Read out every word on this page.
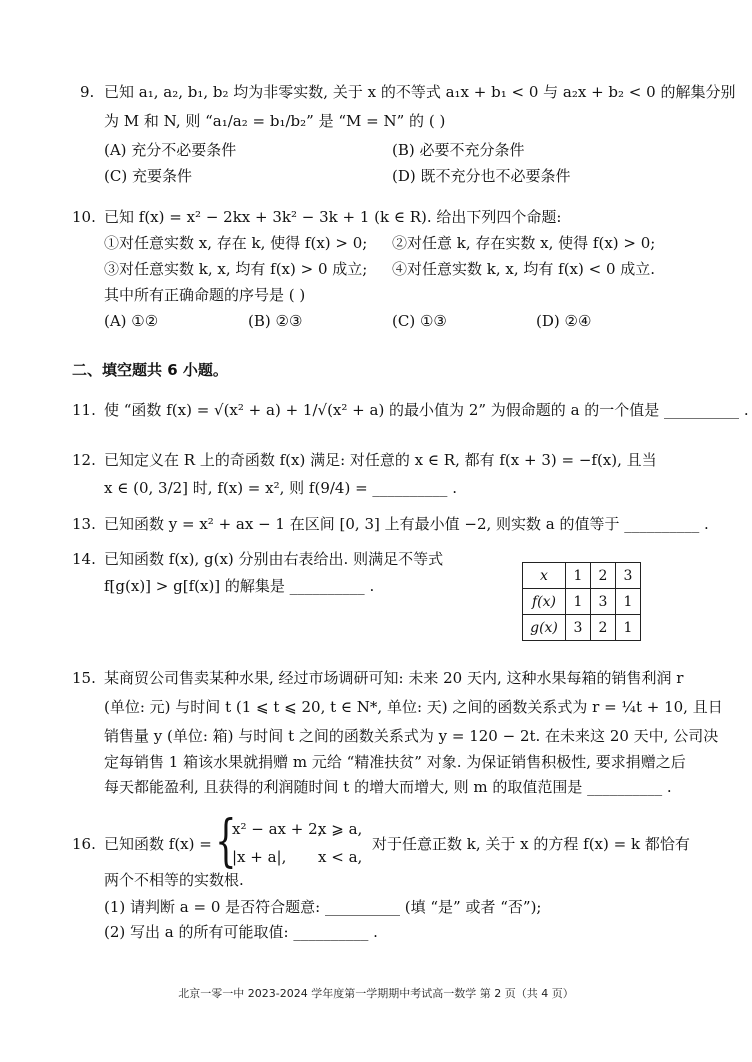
9. 已知 a₁, a₂, b₁, b₂ 均为非零实数, 关于 x 的不等式 a₁x + b₁ < 0 与 a₂x + b₂ < 0 的解集分别
为 M 和 N, 则 “a₁/a₂ = b₁/b₂” 是 “M = N” 的 ( )
(A) 充分不必要条件	(B) 必要不充分条件
(C) 充要条件	(D) 既不充分也不必要条件
10. 已知 f(x) = x² − 2kx + 3k² − 3k + 1 (k ∈ R). 给出下列四个命题:
①对任意实数 x, 存在 k, 使得 f(x) > 0; ②对任意 k, 存在实数 x, 使得 f(x) > 0;
③对任意实数 k, x, 均有 f(x) > 0 成立; ④对任意实数 k, x, 均有 f(x) < 0 成立.
其中所有正确命题的序号是 ( )
(A) ①②	(B) ②③	(C) ①③	(D) ②④
二、填空题共 6 小题。
11. 使 “函数 f(x) = √(x² + a) + 1/√(x² + a) 的最小值为 2” 为假命题的 a 的一个值是 __________ .
12. 已知定义在 R 上的奇函数 f(x) 满足: 对任意的 x ∈ R, 都有 f(x + 3) = −f(x), 且当
x ∈ (0, 3/2] 时, f(x) = x², 则 f(9/4) = __________ .
13. 已知函数 y = x² + ax − 1 在区间 [0, 3] 上有最小值 −2, 则实数 a 的值等于 __________ .
14. 已知函数 f(x), g(x) 分别由右表给出. 则满足不等式
f[g(x)] > g[f(x)] 的解集是 __________ .
x	1	2	3
f(x)	1	3	1
g(x)	3	2	1
15. 某商贸公司售卖某种水果, 经过市场调研可知: 未来 20 天内, 这种水果每箱的销售利润 r
(单位: 元) 与时间 t (1 ⩽ t ⩽ 20, t ∈ N*, 单位: 天) 之间的函数关系式为 r = ¼t + 10, 且日
销售量 y (单位: 箱) 与时间 t 之间的函数关系式为 y = 120 − 2t. 在未来这 20 天中, 公司决
定每销售 1 箱该水果就捐赠 m 元给 “精准扶贫” 对象. 为保证销售积极性, 要求捐赠之后
每天都能盈利, 且获得的利润随时间 t 的增大而增大, 则 m 的取值范围是 __________ .
16. 已知函数 f(x) = {
x² − ax + 2,
x ⩾ a,
|x + a|, x < a,
对于任意正数 k, 关于 x 的方程 f(x) = k 都恰有
两个不相等的实数根.
(1) 请判断 a = 0 是否符合题意: __________ (填 “是” 或者 “否”);
(2) 写出 a 的所有可能取值: __________ .
北京一零一中 2023-2024 学年度第一学期期中考试高一数学 第 2 页（共 4 页）
